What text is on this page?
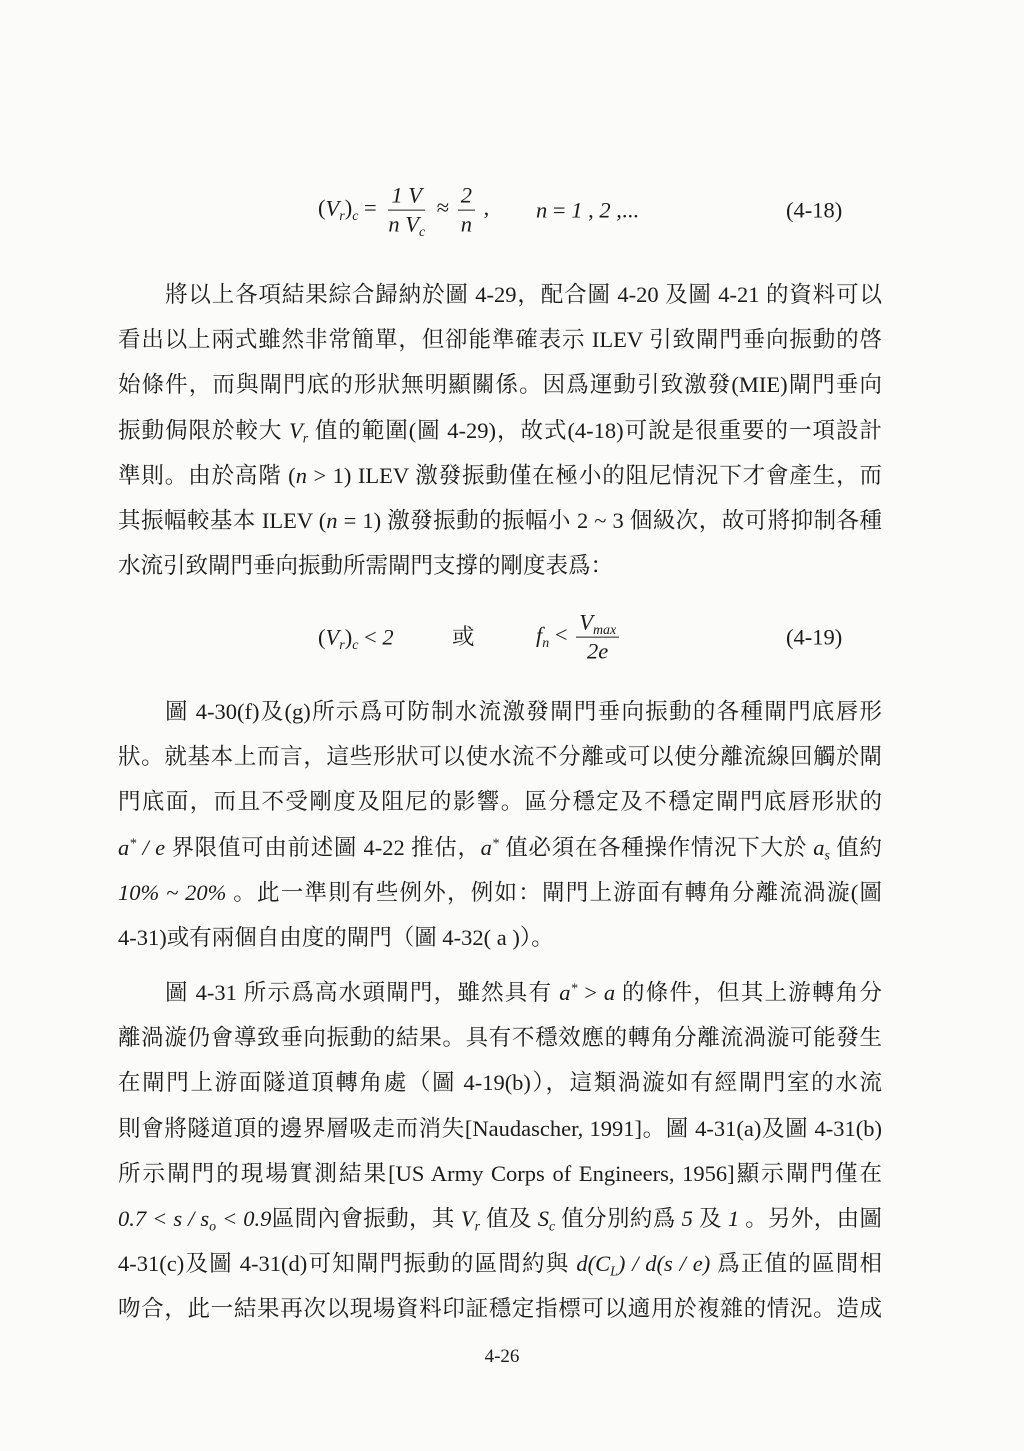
$(V_r)_c = \frac{1 V}{n V_c} \approx \frac{2}{n}$ , n = 1 , 2 ,...	(4-18)
將以上各項結果綜合歸納於圖 4-29，配合圖 4-20 及圖 4-21 的資料可以
看出以上兩式雖然非常簡單，但卻能準確表示 ILEV 引致閘門垂向振動的啓
始條件，而與閘門底的形狀無明顯關係。因爲運動引致激發(MIE)閘門垂向
振動侷限於較大 $V_r$ 值的範圍(圖 4-29)，故式(4-18)可說是很重要的一項設計
準則。由於高階 (n > 1) ILEV 激發振動僅在極小的阻尼情況下才會產生，而
其振幅較基本 ILEV (n = 1) 激發振動的振幅小 2 ~ 3 個級次，故可將抑制各種
水流引致閘門垂向振動所需閘門支撐的剛度表爲：
$(V_r)_c < 2$	或	$f_n < \frac{V_{max}}{2e}$	(4-19)
圖 4-30(f)及(g)所示爲可防制水流激發閘門垂向振動的各種閘門底唇形
狀。就基本上而言，這些形狀可以使水流不分離或可以使分離流線回觸於閘
門底面，而且不受剛度及阻尼的影響。區分穩定及不穩定閘門底唇形狀的
a* / e 界限值可由前述圖 4-22 推估，a* 值必須在各種操作情況下大於 $a_s$ 值約
10% ~ 20% 。此一準則有些例外，例如：閘門上游面有轉角分離流渦漩(圖
4-31)或有兩個自由度的閘門（圖 4-32( a )）。
圖 4-31 所示爲高水頭閘門，雖然具有 a* > a 的條件，但其上游轉角分
離渦漩仍會導致垂向振動的結果。具有不穩效應的轉角分離流渦漩可能發生
在閘門上游面隧道頂轉角處（圖 4-19(b)），這類渦漩如有經閘門室的水流
則會將隧道頂的邊界層吸走而消失[Naudascher, 1991]。圖 4-31(a)及圖 4-31(b)
所示閘門的現場實測結果[US Army Corps of Engineers, 1956]顯示閘門僅在
$0.7 < s / s_o < 0.9$區間內會振動，其 $V_r$ 值及 $S_c$ 值分別約爲 5 及 1 。另外，由圖
4-31(c)及圖 4-31(d)可知閘門振動的區間約與 $d(C_L) / d(s / e)$ 爲正值的區間相
吻合，此一結果再次以現場資料印証穩定指標可以適用於複雜的情況。造成
4-26
